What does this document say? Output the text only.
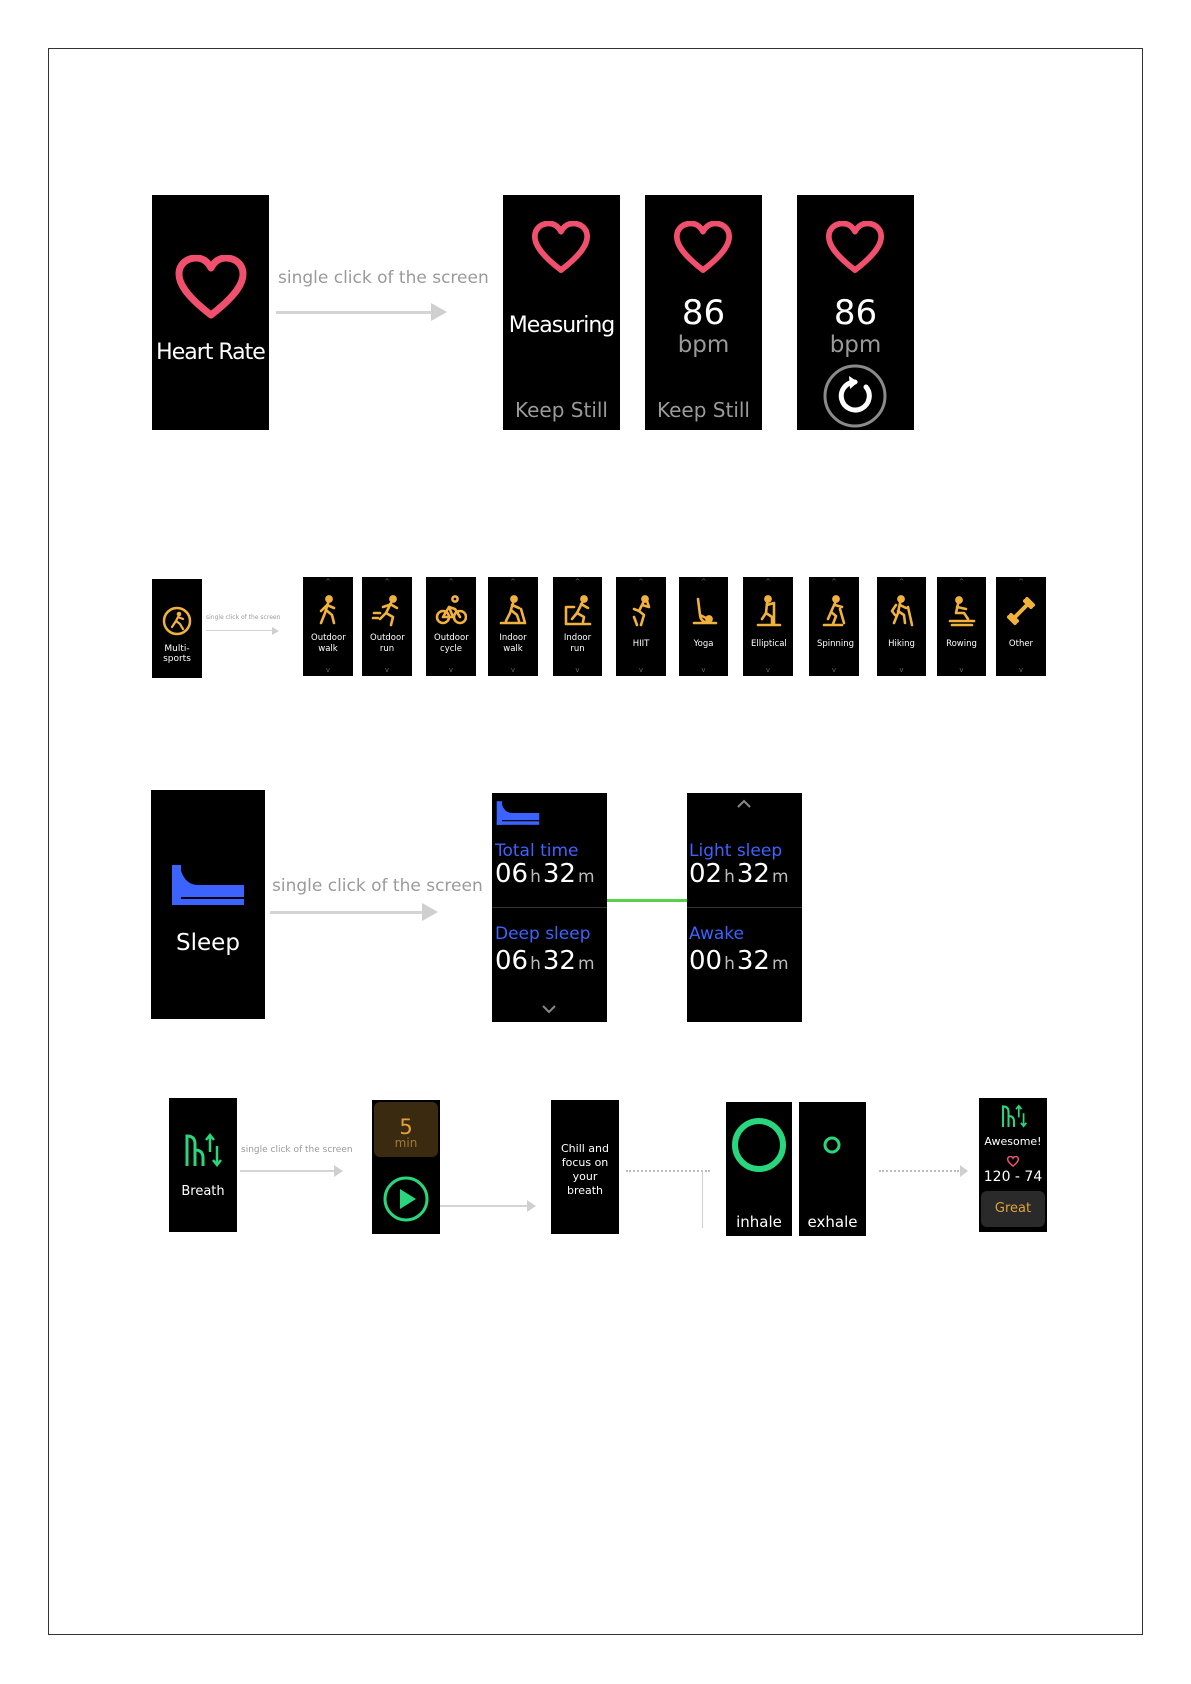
Heart Rate
single click of the screen
Measuring
Keep Still
86
bpm
Keep Still
86
bpm
Multi-sports
single click of the screen
^
Outdoor walk
v
^
Outdoor run
v
^
Outdoor cycle
v
^
Indoor walk
v
^
Indoor run
v
^
HIIT
v
^
Yoga
v
^
Elliptical
v
^
Spinning
v
^
Hiking
v
^
Rowing
v
^
Other
v
Sleep
single click of the screen
Total time
06 h32 m
Deep sleep
06 h32 m
Light sleep
02 h32 m
Awake
00 h32 m
Breath
single click of the screen
5
min	Chill and focus on your breath
inhale	exhale
Awesome!
120 - 74
Great
